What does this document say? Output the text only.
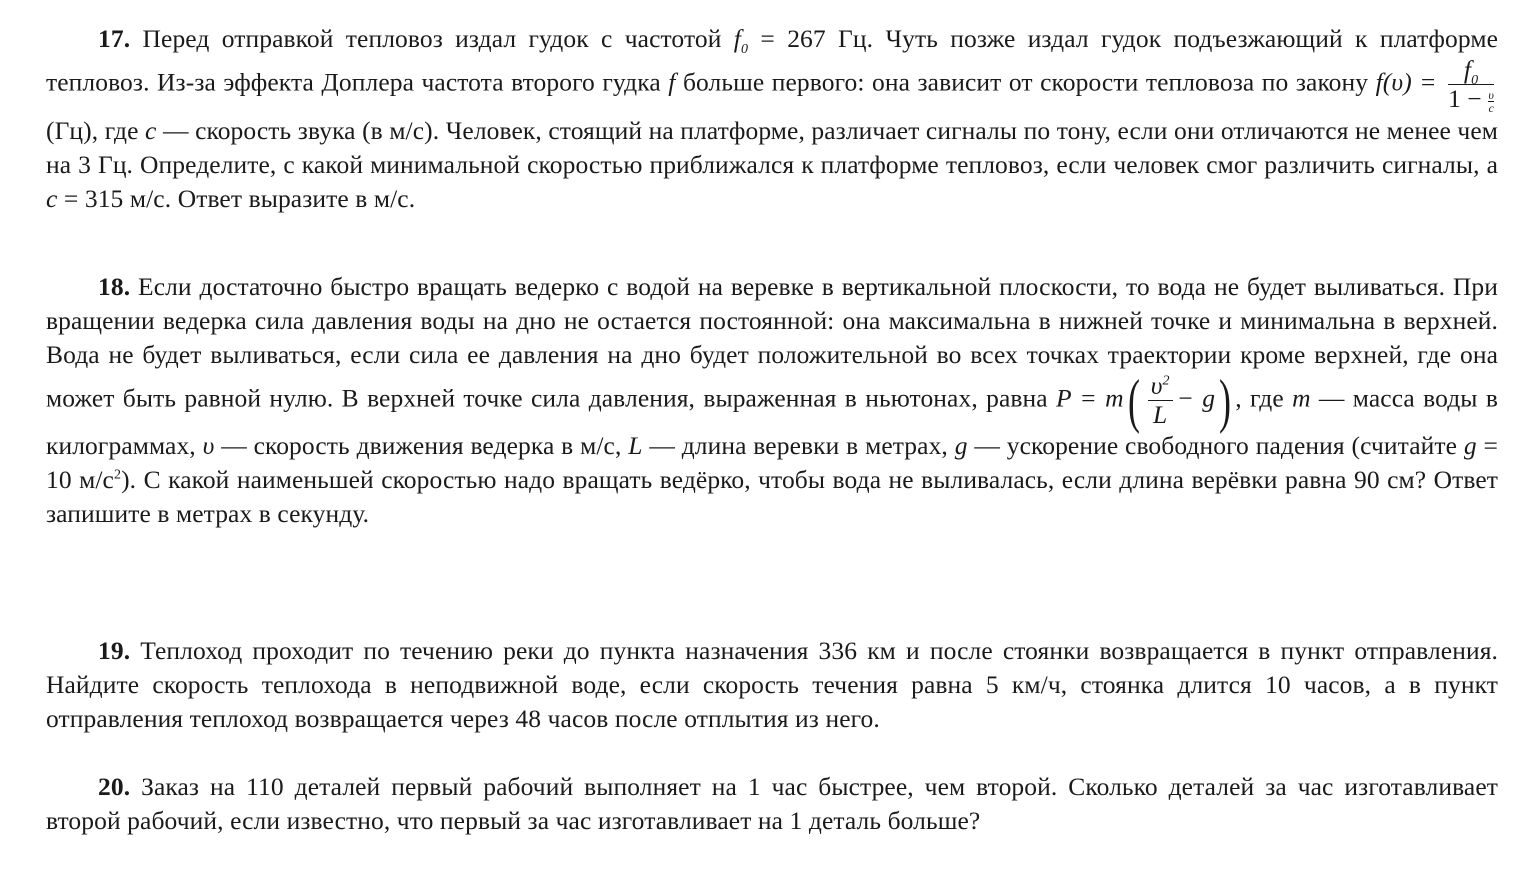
17. Перед отправкой тепловоз издал гудок с частотой $f_0 = 267$ Гц. Чуть позже издал гудок подъезжающий к платформе тепловоз. Из-за эффекта Доплера частота второго гудка f больше первого: она зависит от скорости тепловоза по закону $f(\upsilon) = \frac{f_0}{1 - \frac{\upsilon}{c}}$
(Гц), где c — скорость звука (в м/с). Человек, стоящий на платформе, различает сигналы по тону, если они отличаются не менее чем на 3 Гц. Определите, с какой минимальной скоростью приближался к платформе тепловоз, если человек смог различить сигналы, а c = 315 м/с. Ответ выразите в м/с.

18. Если достаточно быстро вращать ведерко с водой на веревке в вертикальной плоскости, то вода не будет выливаться. При вращении ведерка сила давления воды на дно не остается постоянной: она максимальна в нижней точке и минимальна в верхней. Вода не будет выливаться, если сила ее давления на дно будет положительной во всех точках траектории кроме верхней, где она может быть равной нулю. В верхней точке сила давления, выраженная в ньютонах, равна $P = m( \frac{\upsilon^2}{L} - g)$ , где m — масса воды в килограммах, υ — скорость движения ведерка в м/с, L — длина веревки в метрах, g — ускорение свободного падения (считайте g = 10 $м/с^2$). С какой наименьшей скоростью надо вращать ведёрко, чтобы вода не выливалась, если длина верёвки равна 90 см? Ответ запишите в метрах в секунду.

19. Теплоход проходит по течению реки до пункта назначения 336 км и после стоянки возвращается в пункт отправления. Найдите скорость теплохода в неподвижной воде, если скорость течения равна 5 км/ч, стоянка длится 10 часов, а в пункт отправления теплоход возвращается через 48 часов после отплытия из него.

20. Заказ на 110 деталей первый рабочий выполняет на 1 час быстрее, чем второй. Сколько деталей за час изготавливает второй рабочий, если известно, что первый за час изготавливает на 1 деталь больше?
